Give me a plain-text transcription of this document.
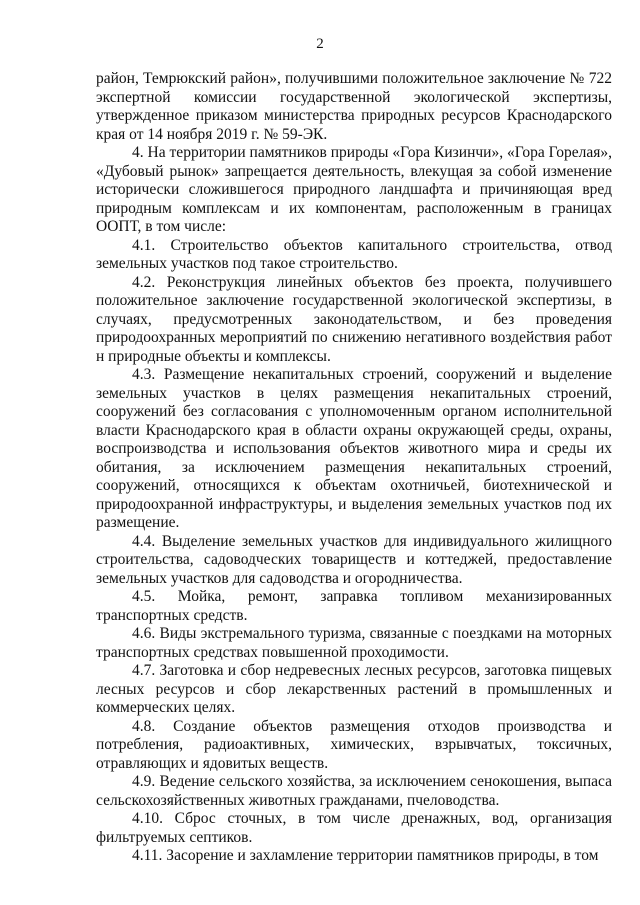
2

район, Темрюкский район», получившими положительное заключение № 722 экспертной комиссии государственной экологической экспертизы, утвержденное приказом министерства природных ресурсов Краснодарского края от 14 ноября 2019 г. № 59-ЭК.

4. На территории памятников природы «Гора Кизинчи», «Гора Горелая», «Дубовый рынок» запрещается деятельность, влекущая за собой изменение исторически сложившегося природного ландшафта и причиняющая вред природным комплексам и их компонентам, расположенным в границах ООПТ, в том числе:

4.1. Строительство объектов капитального строительства, отвод земельных участков под такое строительство.

4.2. Реконструкция линейных объектов без проекта, получившего положительное заключение государственной экологической экспертизы, в случаях, предусмотренных законодательством, и без проведения природоохранных мероприятий по снижению негативного воздействия работ н природные объекты и комплексы.

4.3. Размещение некапитальных строений, сооружений и выделение земельных участков в целях размещения некапитальных строений, сооружений без согласования с уполномоченным органом исполнительной власти Краснодарского края в области охраны окружающей среды, охраны, воспроизводства и использования объектов животного мира и среды их обитания, за исключением размещения некапитальных строений, сооружений, относящихся к объектам охотничьей, биотехнической и природоохранной инфраструктуры, и выделения земельных участков под их размещение.

4.4. Выделение земельных участков для индивидуального жилищного строительства, садоводческих товариществ и коттеджей, предоставление земельных участков для садоводства и огородничества.

4.5. Мойка, ремонт, заправка топливом механизированных транспортных средств.

4.6. Виды экстремального туризма, связанные с поездками на моторных транспортных средствах повышенной проходимости.

4.7. Заготовка и сбор недревесных лесных ресурсов, заготовка пищевых лесных ресурсов и сбор лекарственных растений в промышленных и коммерческих целях.

4.8. Создание объектов размещения отходов производства и потребления, радиоактивных, химических, взрывчатых, токсичных, отравляющих и ядовитых веществ.

4.9. Ведение сельского хозяйства, за исключением сенокошения, выпаса сельскохозяйственных животных гражданами, пчеловодства.

4.10. Сброс сточных, в том числе дренажных, вод, организация фильтруемых септиков.

4.11. Засорение и захламление территории памятников природы, в том
